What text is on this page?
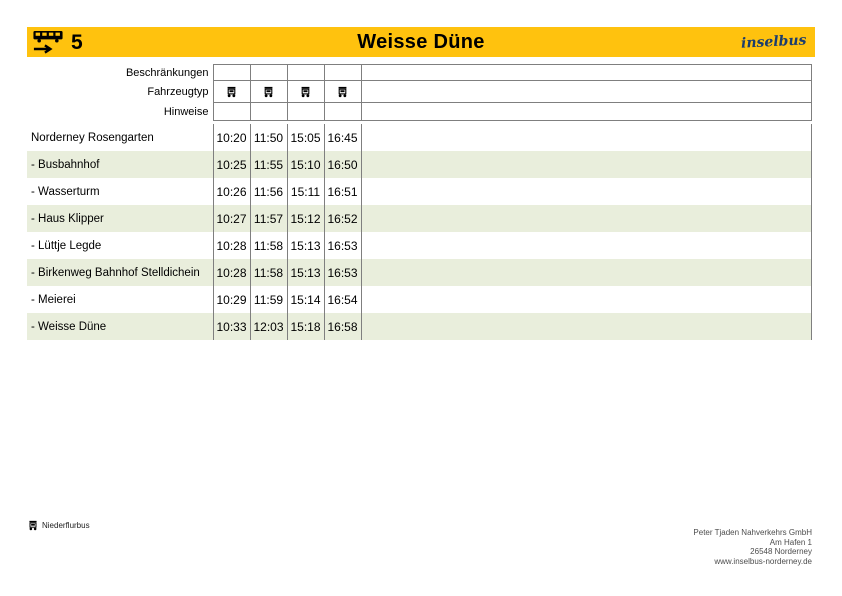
5	Weisse Düne	inselbus
Beschränkungen					
Fahrzeugtyp	

Hinweise					
Norderney Rosengarten	10:20	11:50	15:05	16:45	
- Busbahnhof	10:25	11:55	15:10	16:50	
- Wasserturm	10:26	11:56	15:11	16:51	
- Haus Klipper	10:27	11:57	15:12	16:52	
- Lüttje Legde	10:28	11:58	15:13	16:53	
- Birkenweg Bahnhof Stelldichein	10:28	11:58	15:13	16:53	
- Meierei	10:29	11:59	15:14	16:54	
- Weisse Düne	10:33	12:03	15:18	16:58	
Niederflurbus
Peter Tjaden Nahverkehrs GmbH
Am Hafen 1
26548 Norderney
www.inselbus-norderney.de
